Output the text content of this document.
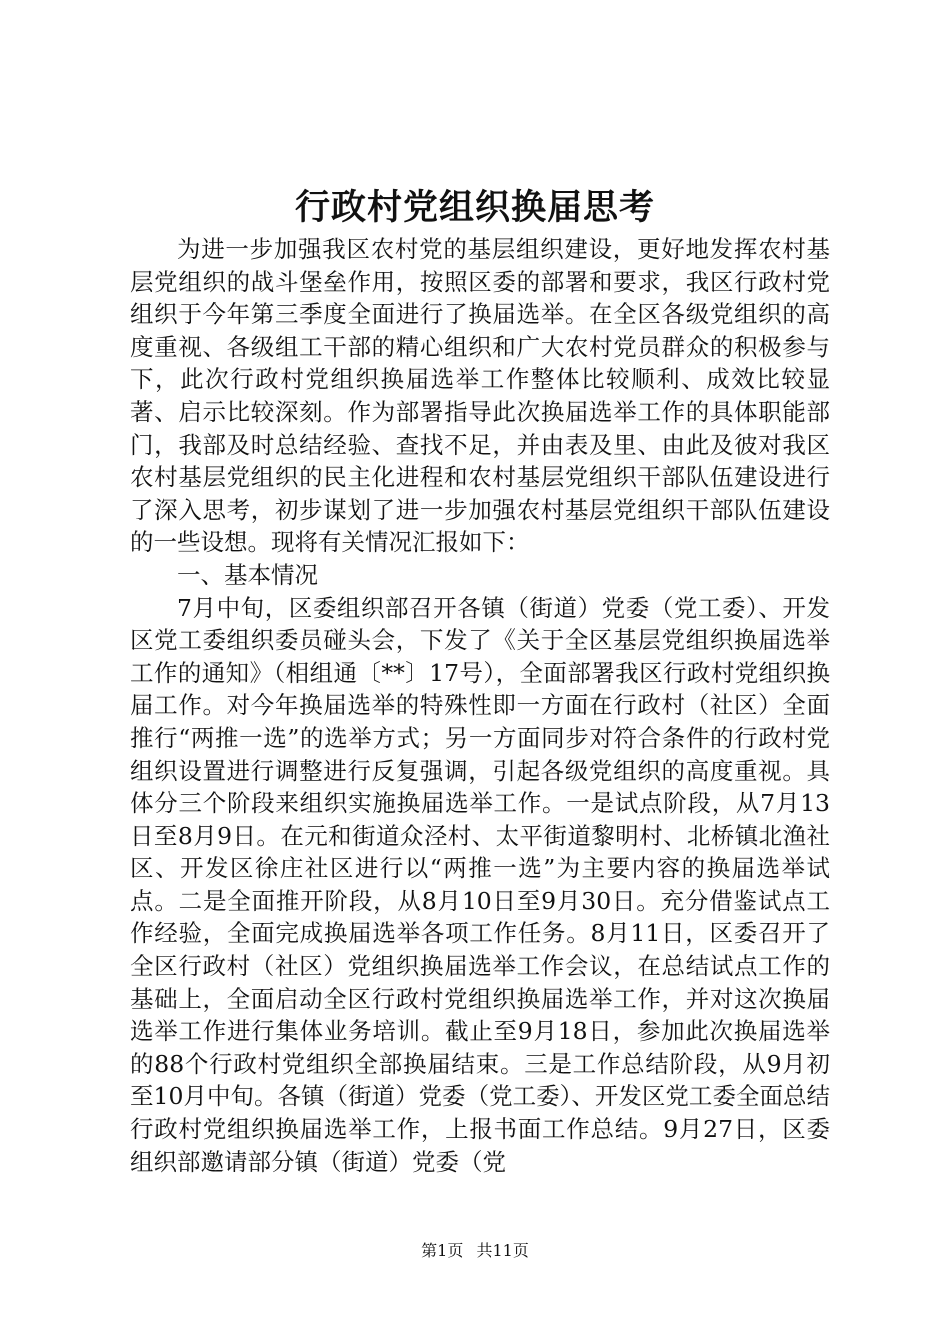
行政村党组织换届思考

为进一步加强我区农村党的基层组织建设，更好地发挥农村基层党组织的战斗堡垒作用，按照区委的部署和要求，我区行政村党组织于今年第三季度全面进行了换届选举。在全区各级党组织的高度重视、各级组工干部的精心组织和广大农村党员群众的积极参与下，此次行政村党组织换届选举工作整体比较顺利、成效比较显著、启示比较深刻。作为部署指导此次换届选举工作的具体职能部门，我部及时总结经验、查找不足，并由表及里、由此及彼对我区农村基层党组织的民主化进程和农村基层党组织干部队伍建设进行了深入思考，初步谋划了进一步加强农村基层党组织干部队伍建设的一些设想。现将有关情况汇报如下：

一、基本情况

7月中旬，区委组织部召开各镇（街道）党委（党工委）、开发区党工委组织委员碰头会，下发了《关于全区基层党组织换届选举工作的通知》（相组通〔**〕17号），全面部署我区行政村党组织换届工作。对今年换届选举的特殊性即一方面在行政村（社区）全面推行“两推一选”的选举方式；另一方面同步对符合条件的行政村党组织设置进行调整进行反复强调，引起各级党组织的高度重视。具体分三个阶段来组织实施换届选举工作。一是试点阶段，从7月13日至8月9日。在元和街道众泾村、太平街道黎明村、北桥镇北渔社区、开发区徐庄社区进行以“两推一选”为主要内容的换届选举试点。二是全面推开阶段，从8月10日至9月30日。充分借鉴试点工作经验，全面完成换届选举各项工作任务。8月11日，区委召开了全区行政村（社区）党组织换届选举工作会议，在总结试点工作的基础上，全面启动全区行政村党组织换届选举工作，并对这次换届选举工作进行集体业务培训。截止至9月18日，参加此次换届选举的88个行政村党组织全部换届结束。三是工作总结阶段，从9月初至10月中旬。各镇（街道）党委（党工委）、开发区党工委全面总结行政村党组织换届选举工作，上报书面工作总结。9月27日，区委组织部邀请部分镇（街道）党委（党

第1页 共11页
